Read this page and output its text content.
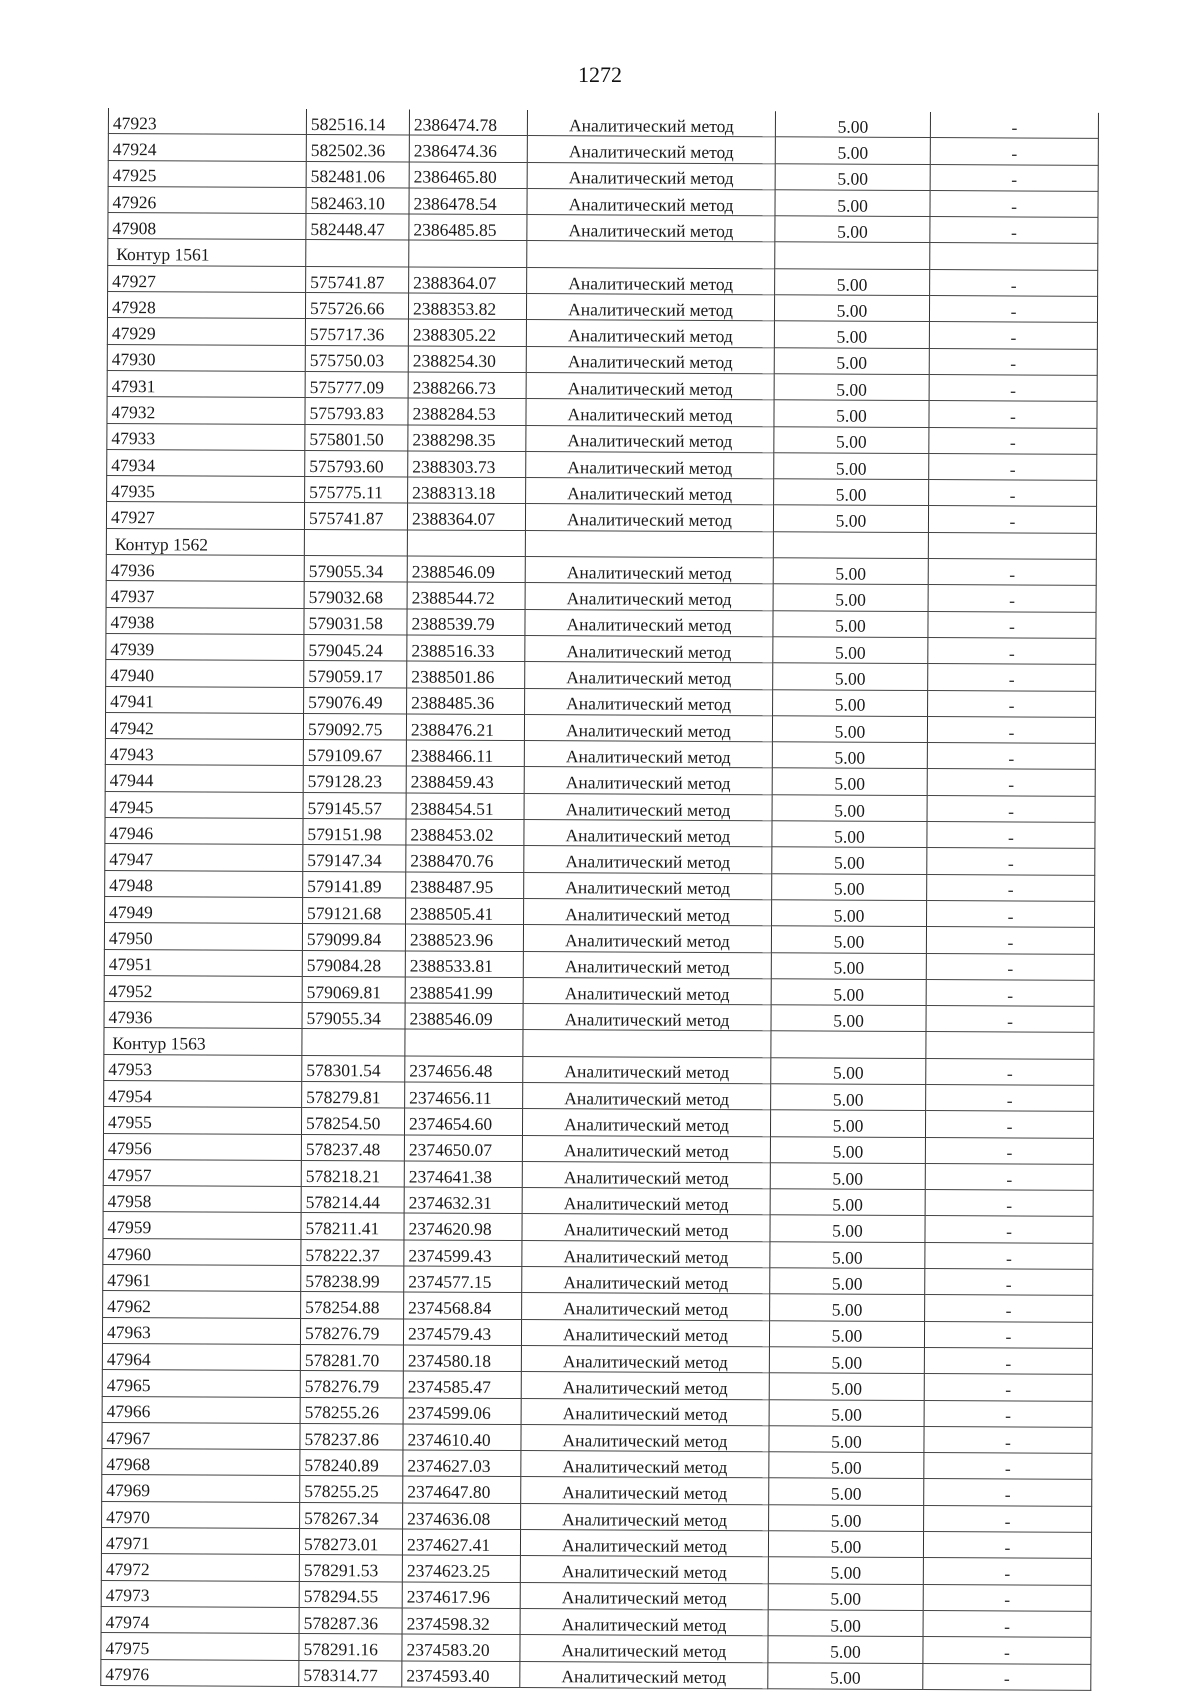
1272
47923	582516.14	2386474.78	Аналитический метод	5.00	-
47924	582502.36	2386474.36	Аналитический метод	5.00	-
47925	582481.06	2386465.80	Аналитический метод	5.00	-
47926	582463.10	2386478.54	Аналитический метод	5.00	-
47908	582448.47	2386485.85	Аналитический метод	5.00	-
Контур 1561					
47927	575741.87	2388364.07	Аналитический метод	5.00	-
47928	575726.66	2388353.82	Аналитический метод	5.00	-
47929	575717.36	2388305.22	Аналитический метод	5.00	-
47930	575750.03	2388254.30	Аналитический метод	5.00	-
47931	575777.09	2388266.73	Аналитический метод	5.00	-
47932	575793.83	2388284.53	Аналитический метод	5.00	-
47933	575801.50	2388298.35	Аналитический метод	5.00	-
47934	575793.60	2388303.73	Аналитический метод	5.00	-
47935	575775.11	2388313.18	Аналитический метод	5.00	-
47927	575741.87	2388364.07	Аналитический метод	5.00	-
Контур 1562					
47936	579055.34	2388546.09	Аналитический метод	5.00	-
47937	579032.68	2388544.72	Аналитический метод	5.00	-
47938	579031.58	2388539.79	Аналитический метод	5.00	-
47939	579045.24	2388516.33	Аналитический метод	5.00	-
47940	579059.17	2388501.86	Аналитический метод	5.00	-
47941	579076.49	2388485.36	Аналитический метод	5.00	-
47942	579092.75	2388476.21	Аналитический метод	5.00	-
47943	579109.67	2388466.11	Аналитический метод	5.00	-
47944	579128.23	2388459.43	Аналитический метод	5.00	-
47945	579145.57	2388454.51	Аналитический метод	5.00	-
47946	579151.98	2388453.02	Аналитический метод	5.00	-
47947	579147.34	2388470.76	Аналитический метод	5.00	-
47948	579141.89	2388487.95	Аналитический метод	5.00	-
47949	579121.68	2388505.41	Аналитический метод	5.00	-
47950	579099.84	2388523.96	Аналитический метод	5.00	-
47951	579084.28	2388533.81	Аналитический метод	5.00	-
47952	579069.81	2388541.99	Аналитический метод	5.00	-
47936	579055.34	2388546.09	Аналитический метод	5.00	-
Контур 1563					
47953	578301.54	2374656.48	Аналитический метод	5.00	-
47954	578279.81	2374656.11	Аналитический метод	5.00	-
47955	578254.50	2374654.60	Аналитический метод	5.00	-
47956	578237.48	2374650.07	Аналитический метод	5.00	-
47957	578218.21	2374641.38	Аналитический метод	5.00	-
47958	578214.44	2374632.31	Аналитический метод	5.00	-
47959	578211.41	2374620.98	Аналитический метод	5.00	-
47960	578222.37	2374599.43	Аналитический метод	5.00	-
47961	578238.99	2374577.15	Аналитический метод	5.00	-
47962	578254.88	2374568.84	Аналитический метод	5.00	-
47963	578276.79	2374579.43	Аналитический метод	5.00	-
47964	578281.70	2374580.18	Аналитический метод	5.00	-
47965	578276.79	2374585.47	Аналитический метод	5.00	-
47966	578255.26	2374599.06	Аналитический метод	5.00	-
47967	578237.86	2374610.40	Аналитический метод	5.00	-
47968	578240.89	2374627.03	Аналитический метод	5.00	-
47969	578255.25	2374647.80	Аналитический метод	5.00	-
47970	578267.34	2374636.08	Аналитический метод	5.00	-
47971	578273.01	2374627.41	Аналитический метод	5.00	-
47972	578291.53	2374623.25	Аналитический метод	5.00	-
47973	578294.55	2374617.96	Аналитический метод	5.00	-
47974	578287.36	2374598.32	Аналитический метод	5.00	-
47975	578291.16	2374583.20	Аналитический метод	5.00	-
47976	578314.77	2374593.40	Аналитический метод	5.00	-
